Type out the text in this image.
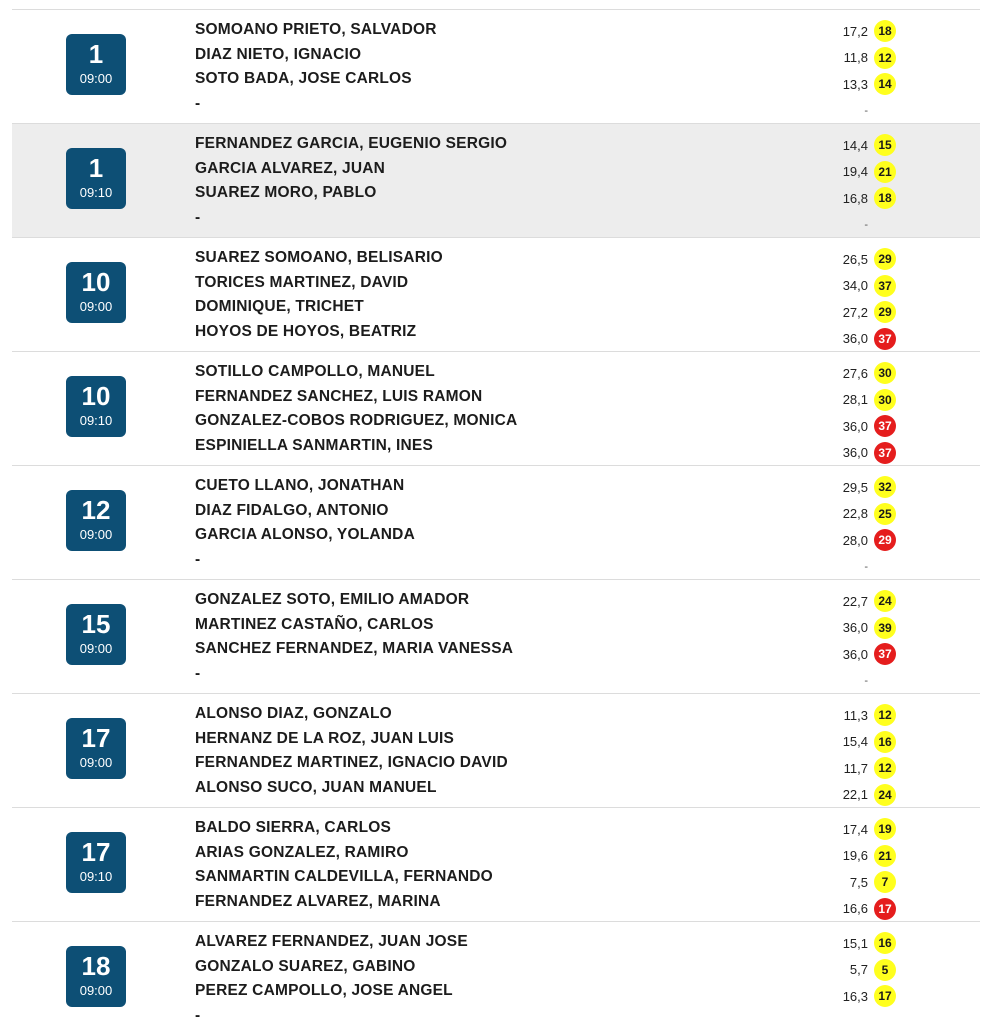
1
09:00
SOMOANO PRIETO, SALVADOR
DIAZ NIETO, IGNACIO
SOTO BADA, JOSE CARLOS
-
17,2 18
11,8 12
13,3 14
-
1
09:10
FERNANDEZ GARCIA, EUGENIO SERGIO
GARCIA ALVAREZ, JUAN
SUAREZ MORO, PABLO
-
14,4 15
19,4 21
16,8 18
-
10
09:00
SUAREZ SOMOANO, BELISARIO
TORICES MARTINEZ, DAVID
DOMINIQUE, TRICHET
HOYOS DE HOYOS, BEATRIZ
26,5 29
34,0 37
27,2 29
36,0 37
10
09:10
SOTILLO CAMPOLLO, MANUEL
FERNANDEZ SANCHEZ, LUIS RAMON
GONZALEZ-COBOS RODRIGUEZ, MONICA
ESPINIELLA SANMARTIN, INES
27,6 30
28,1 30
36,0 37
36,0 37
12
09:00
CUETO LLANO, JONATHAN
DIAZ FIDALGO, ANTONIO
GARCIA ALONSO, YOLANDA
-
29,5 32
22,8 25
28,0 29
-
15
09:00
GONZALEZ SOTO, EMILIO AMADOR
MARTINEZ CASTAÑO, CARLOS
SANCHEZ FERNANDEZ, MARIA VANESSA
-
22,7 24
36,0 39
36,0 37
-
17
09:00
ALONSO DIAZ, GONZALO
HERNANZ DE LA ROZ, JUAN LUIS
FERNANDEZ MARTINEZ, IGNACIO DAVID
ALONSO SUCO, JUAN MANUEL
11,3 12
15,4 16
11,7 12
22,1 24
17
09:10
BALDO SIERRA, CARLOS
ARIAS GONZALEZ, RAMIRO
SANMARTIN CALDEVILLA, FERNANDO
FERNANDEZ ALVAREZ, MARINA
17,4 19
19,6 21
7,5	7
16,6 17
18
09:00
ALVAREZ FERNANDEZ, JUAN JOSE
GONZALO SUAREZ, GABINO
PEREZ CAMPOLLO, JOSE ANGEL
-
15,1 16
5,7	5
16,3 17
